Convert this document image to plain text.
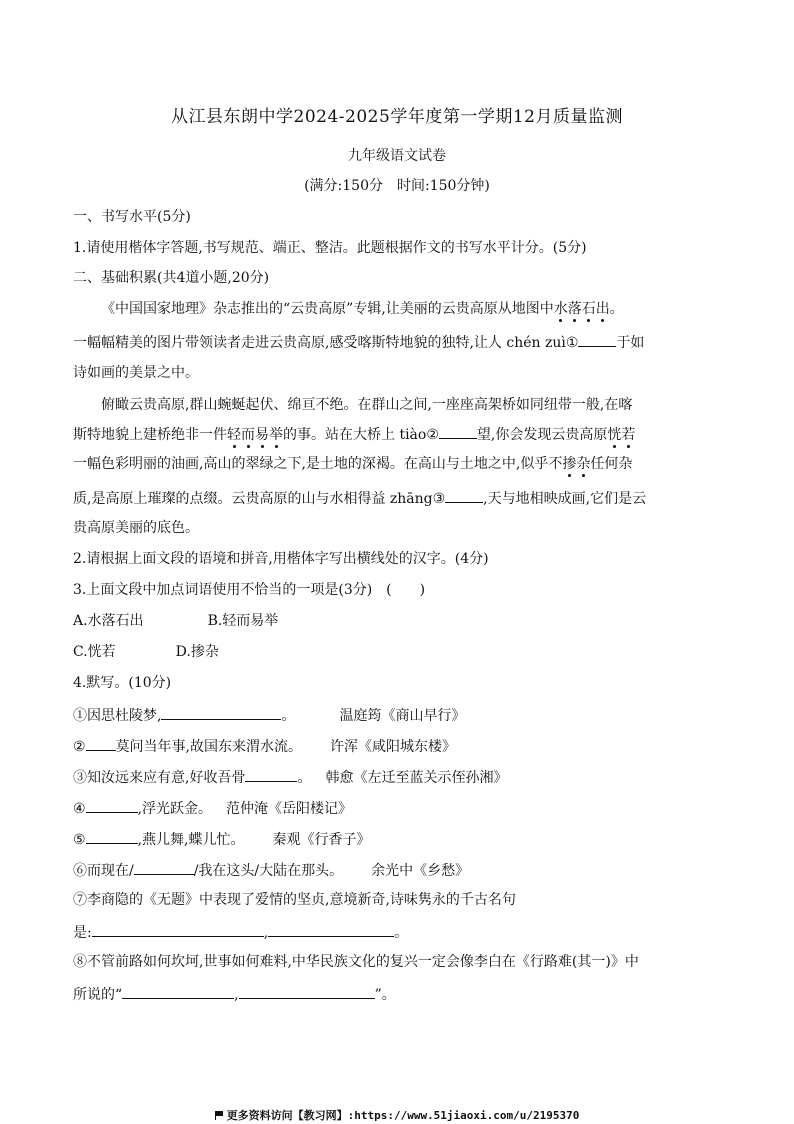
从江县东朗中学2024-2025学年度第一学期12月质量监测
九年级语文试卷
(满分:150分　时间:150分钟)
一、书写水平(5分)
1.请使用楷体字答题,书写规范、端正、整洁。此题根据作文的书写水平计分。(5分)
二、基础积累(共4道小题,20分)
《中国国家地理》杂志推出的“云贵高原”专辑,让美丽的云贵高原从地图中水落石出。
一幅幅精美的图片带领读者走进云贵高原,感受喀斯特地貌的独特,让人 chén zuì①	于如
诗如画的美景之中。
俯瞰云贵高原,群山蜿蜒起伏、绵亘不绝。在群山之间,一座座高架桥如同纽带一般,在喀
斯特地貌上建桥绝非一件轻而易举的事。站在大桥上 tiào②	望,你会发现云贵高原恍若
一幅色彩明丽的油画,高山的翠绿之下,是土地的深褐。在高山与土地之中,似乎不掺杂任何杂
质,是高原上璀璨的点缀。云贵高原的山与水相得益 zhāng③	,天与地相映成画,它们是云
贵高原美丽的底色。
2.请根据上面文段的语境和拼音,用楷体字写出横线处的汉字。(4分)
3.上面文段中加点词语使用不恰当的一项是(3分)　(　　)
A.水落石出	B.轻而易举
C.恍若	D.掺杂
4.默写。(10分)
①因思杜陵梦,	。	温庭筠《商山早行》
② 莫问当年事,故国东来渭水流。 许浑《咸阳城东楼》
③知汝远来应有意,好收吾骨	。 韩愈《左迁至蓝关示侄孙湘》
④	,浮光跃金。 范仲淹《岳阳楼记》
⑤	,燕儿舞,蝶儿忙。 秦观《行香子》
⑥而现在/	/我在这头/大陆在那头。 余光中《乡愁》
⑦李商隐的《无题》中表现了爱情的坚贞,意境新奇,诗味隽永的千古名句
是:	,	。
⑧不管前路如何坎坷,世事如何难料,中华民族文化的复兴一定会像李白在《行路难(其一)》中
所说的“	,	”。
更多资料访问【教习网】:https://www.51jiaoxi.com/u/2195370
